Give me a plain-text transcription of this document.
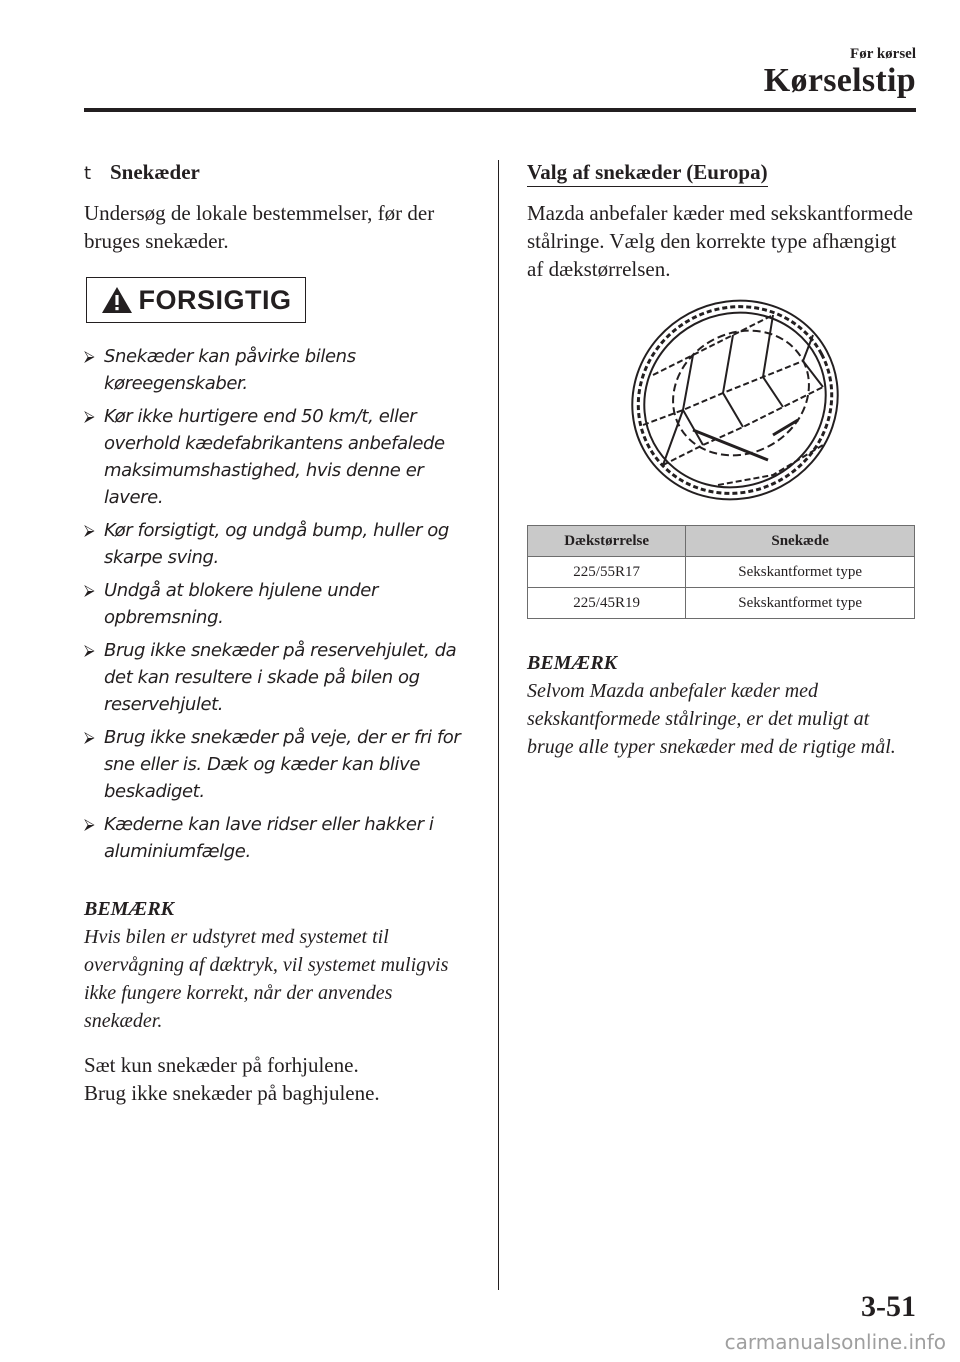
Før kørsel
Kørselstip
t Snekæder

Undersøg de lokale bestemmelser, før der bruges snekæder.

FORSIGTIG
⮚ Snekæder kan påvirke bilens køreegenskaber.
⮚ Kør ikke hurtigere end 50 km/t, eller overhold kædefabrikantens anbefalede maksimumshastighed, hvis denne er lavere.
⮚ Kør forsigtigt, og undgå bump, huller og skarpe sving.
⮚ Undgå at blokere hjulene under opbremsning.
⮚ Brug ikke snekæder på reservehjulet, da det kan resultere i skade på bilen og reservehjulet.
⮚ Brug ikke snekæder på veje, der er fri for sne eller is. Dæk og kæder kan blive beskadiget.
⮚ Kæderne kan lave ridser eller hakker i aluminiumfælge.
BEMÆRK

Hvis bilen er udstyret med systemet til overvågning af dæktryk, vil systemet muligvis ikke fungere korrekt, når der anvendes snekæder.

Sæt kun snekæder på forhjulene.

Brug ikke snekæder på baghjulene.

Valg af snekæder (Europa)

Mazda anbefaler kæder med sekskantformede stålringe. Vælg den korrekte type afhængigt af dækstørrelsen.

Dækstørrelse	Snekæde
225/55R17	Sekskantformet type
225/45R19	Sekskantformet type
BEMÆRK

Selvom Mazda anbefaler kæder med sekskantformede stålringe, er det muligt at bruge alle typer snekæder med de rigtige mål.

3-51
carmanualsonline.info
